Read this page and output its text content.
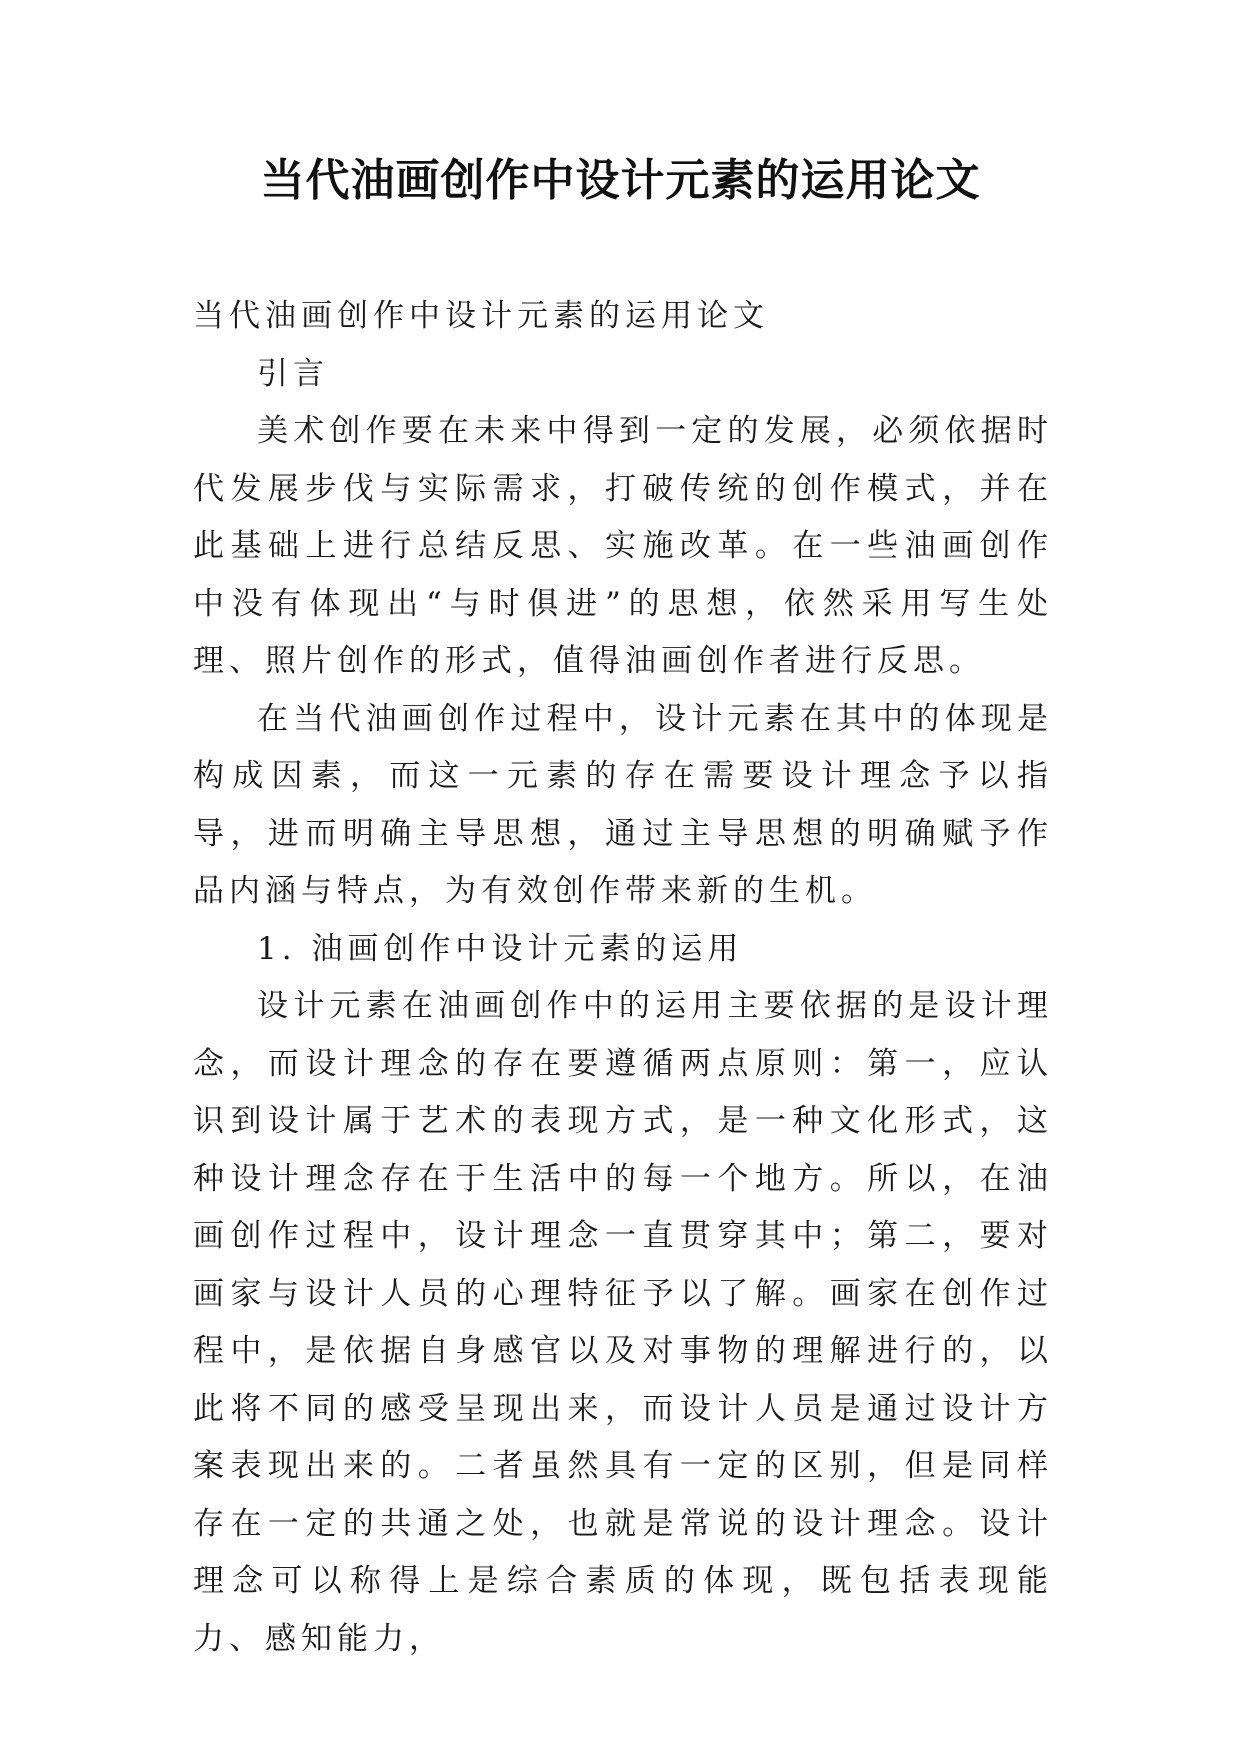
当代油画创作中设计元素的运用论文

当代油画创作中设计元素的运用论文

引言

美术创作要在未来中得到一定的发展，必须依据时代发展步伐与实际需求，打破传统的创作模式，并在此基础上进行总结反思、实施改革。在一些油画创作中没有体现出“与时俱进”的思想，依然采用写生处理、照片创作的形式，值得油画创作者进行反思。

在当代油画创作过程中，设计元素在其中的体现是构成因素，而这一元素的存在需要设计理念予以指导，进而明确主导思想，通过主导思想的明确赋予作品内涵与特点，为有效创作带来新的生机。

1. 油画创作中设计元素的运用

设计元素在油画创作中的运用主要依据的是设计理念，而设计理念的存在要遵循两点原则：第一，应认识到设计属于艺术的表现方式，是一种文化形式，这种设计理念存在于生活中的每一个地方。所以，在油画创作过程中，设计理念一直贯穿其中；第二，要对画家与设计人员的心理特征予以了解。画家在创作过程中，是依据自身感官以及对事物的理解进行的，以此将不同的感受呈现出来，而设计人员是通过设计方案表现出来的。二者虽然具有一定的区别，但是同样存在一定的共通之处，也就是常说的设计理念。设计理念可以称得上是综合素质的体现，既包括表现能力、感知能力，
